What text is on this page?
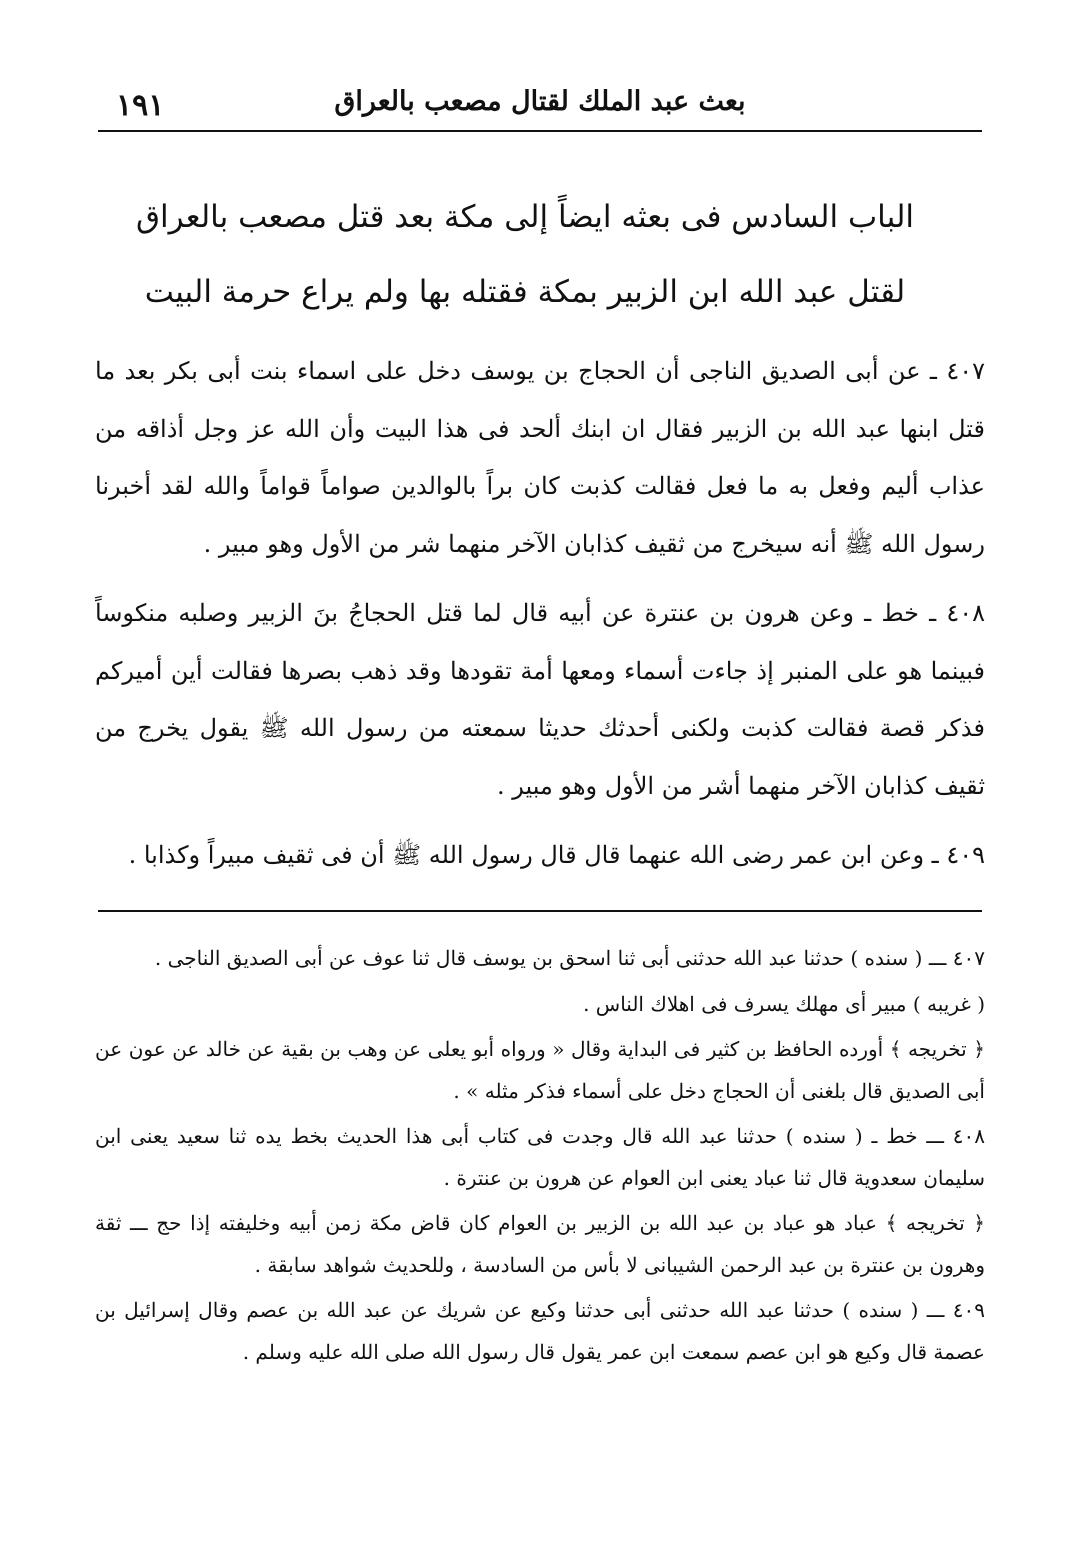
١٩١	بعث عبد الملك لقتال مصعب بالعراق
الباب السادس فى بعثه ايضاً إلى مكة بعد قتل مصعب بالعراق لقتل عبد الله ابن الزبير بمكة فقتله بها ولم يراع حرمة البيت

٤٠٧ ـ عن أبى الصديق الناجى أن الحجاج بن يوسف دخل على اسماء بنت أبى بكر بعد ما قتل ابنها عبد الله بن الزبير فقال ان ابنك ألحد فى هذا البيت وأن الله عز وجل أذاقه من عذاب أليم وفعل به ما فعل فقالت كذبت كان براً بالوالدين صواماً قواماً والله لقد أخبرنا رسول الله ﷺ أنه سيخرج من ثقيف كذابان الآخر منهما شر من الأول وهو مبير .

٤٠٨ ـ خط ـ وعن هرون بن عنترة عن أبيه قال لما قتل الحجاجُ بنَ الزبير وصلبه منكوساً فبينما هو على المنبر إذ جاءت أسماء ومعها أمة تقودها وقد ذهب بصرها فقالت أين أميركم فذكر قصة فقالت كذبت ولكنى أحدثك حديثا سمعته من رسول الله ﷺ يقول يخرج من ثقيف كذابان الآخر منهما أشر من الأول وهو مبير .

٤٠٩ ـ وعن ابن عمر رضى الله عنهما قال قال رسول الله ﷺ أن فى ثقيف مبيراً وكذابا .

٤٠٧ ـــ ( سنده ) حدثنا عبد الله حدثنى أبى ثنا اسحق بن يوسف قال ثنا عوف عن أبى الصديق الناجى .

( غريبه ) مبير أى مهلك يسرف فى اهلاك الناس .

﴿ تخريجه ﴾ أورده الحافظ بن كثير فى البداية وقال « ورواه أبو يعلى عن وهب بن بقية عن خالد عن عون عن أبى الصديق قال بلغنى أن الحجاج دخل على أسماء فذكر مثله » .

٤٠٨ ـــ خط ـ ( سنده ) حدثنا عبد الله قال وجدت فى كتاب أبى هذا الحديث بخط يده ثنا سعيد يعنى ابن سليمان سعدوية قال ثنا عباد يعنى ابن العوام عن هرون بن عنترة .

﴿ تخريجه ﴾ عباد هو عباد بن عبد الله بن الزبير بن العوام كان قاض مكة زمن أبيه وخليفته إذا حج ـــ ثقة وهرون بن عنترة بن عبد الرحمن الشيبانى لا بأس من السادسة ، وللحديث شواهد سابقة .

٤٠٩ ـــ ( سنده ) حدثنا عبد الله حدثنى أبى حدثنا وكيع عن شريك عن عبد الله بن عصم وقال إسرائيل بن عصمة قال وكيع هو ابن عصم سمعت ابن عمر يقول قال رسول الله صلى الله عليه وسلم .
